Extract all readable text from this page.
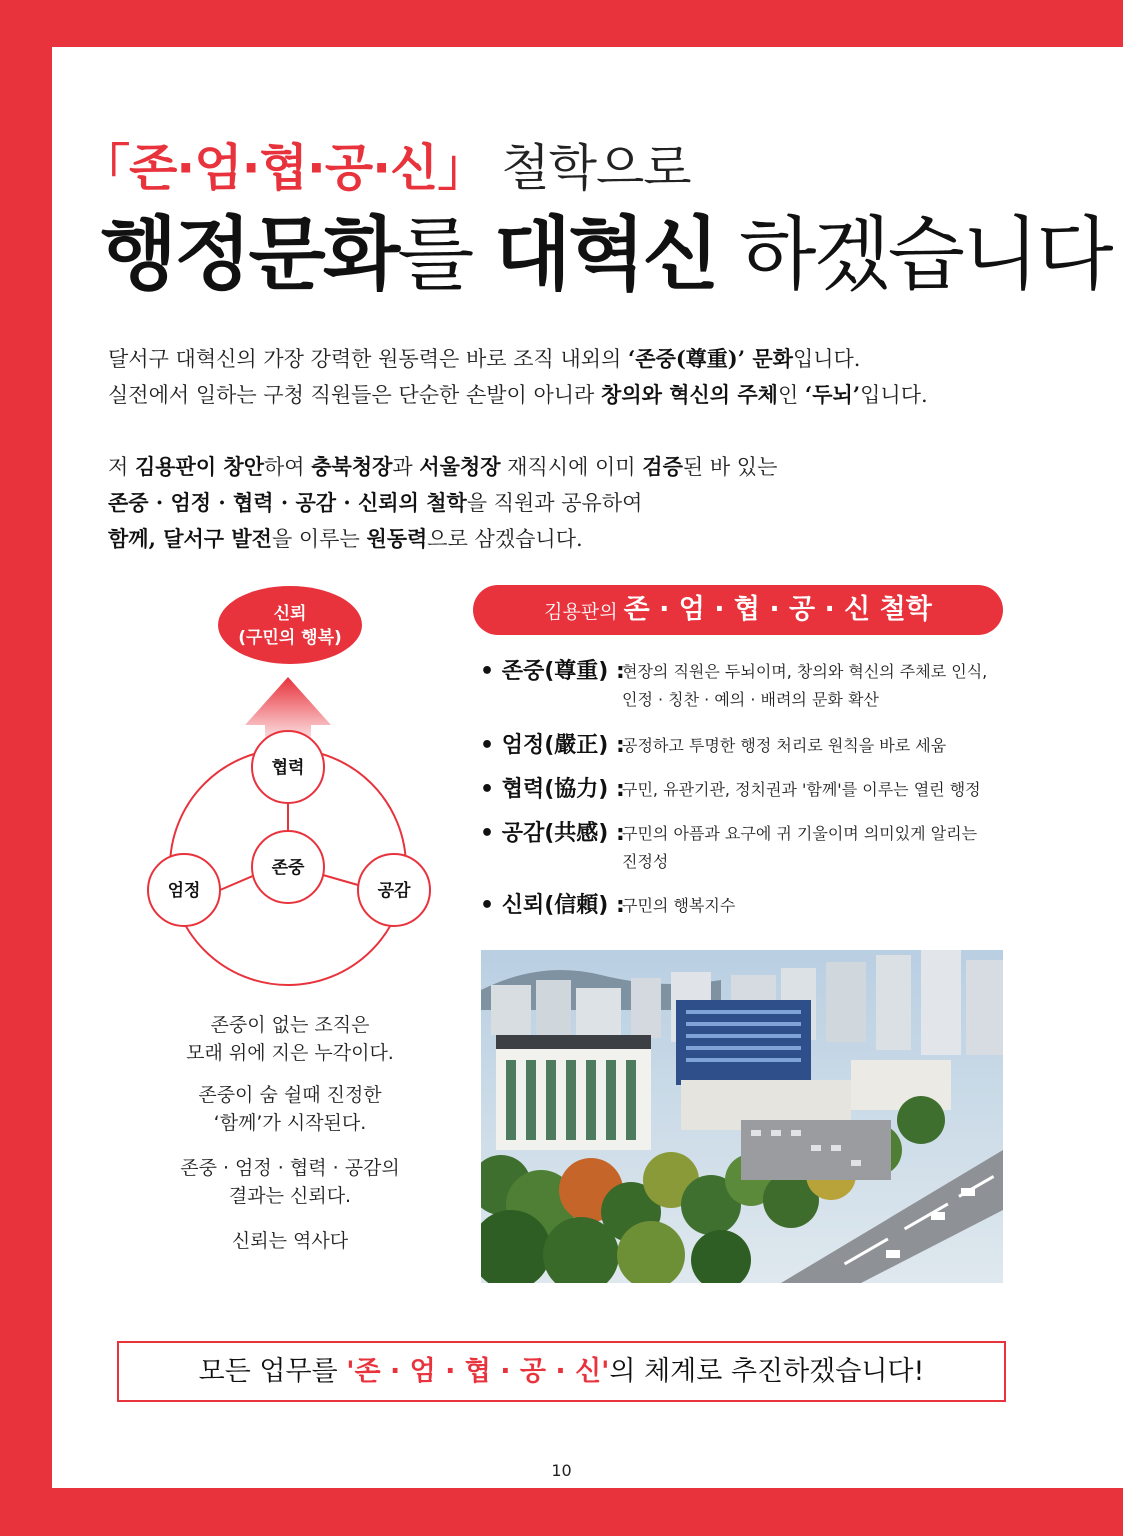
「존·엄·협·공·신」 철학으로
행정문화를 대혁신 하겠습니다
달서구 대혁신의 가장 강력한 원동력은 바로 조직 내외의 ‘존중(尊重)’ 문화입니다.
실전에서 일하는 구청 직원들은 단순한 손발이 아니라 창의와 혁신의 주체인 ‘두뇌’입니다.
저 김용판이 창안하여 충북청장과 서울청장 재직시에 이미 검증된 바 있는
존중 · 엄정 · 협력 · 공감 · 신뢰의 철학을 직원과 공유하여
함께, 달서구 발전을 이루는 원동력으로 삼겠습니다.
신뢰
(구민의 행복)
협력
존중
엄정	공감
존중이 없는 조직은
모래 위에 지은 누각이다.
존중이 숨 쉴때 진정한
‘함께’가 시작된다.
존중 · 엄정 · 협력 · 공감의
결과는 신뢰다.
신뢰는 역사다
김용판의 존 · 엄 · 협 · 공 · 신 철학
• 존중(尊重) :
현장의 직원은 두뇌이며, 창의와 혁신의 주체로 인식,
인정 · 칭찬 · 예의 · 배려의 문화 확산
• 엄정(嚴正) :
공정하고 투명한 행정 처리로 원칙을 바로 세움
• 협력(協力) :
구민, 유관기관, 정치권과 '함께'를 이루는 열린 행정
• 공감(共感) :
구민의 아픔과 요구에 귀 기울이며 의미있게 알리는
진정성
• 신뢰(信頼) :
구민의 행복지수
모든 업무를 '존 · 엄 · 협 · 공 · 신'의 체계로 추진하겠습니다!
10
